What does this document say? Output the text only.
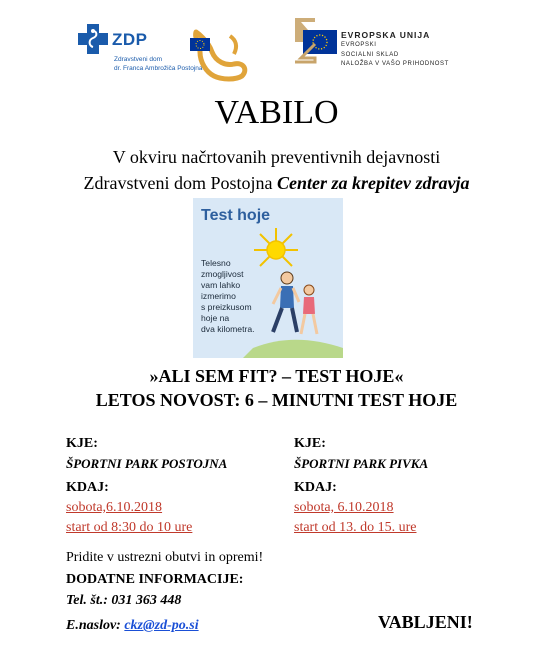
ZDP
Zdravstveni dom
dr. Franca Ambrožiča Postojna
EVROPSKA UNIJA
EVROPSKI
SOCIALNI SKLAD
NALOŽBA V VAŠO PRIHODNOST
VABILO
V okviru načrtovanih preventivnih dejavnosti
Zdravstveni dom Postojna Center za krepitev zdravja
Test hoje
Telesno
zmogljivost
vam lahko
izmerimo
s preizkusom
hoje na
dva kilometra.
»ALI SEM FIT? – TEST HOJE«
LETOS NOVOST: 6 – MINUTNI TEST HOJE
KJE:
ŠPORTNI PARK POSTOJNA
KDAJ:
sobota,6.10.2018
start od 8:30 do 10 ure
KJE:
ŠPORTNI PARK PIVKA
KDAJ:
sobota, 6.10.2018
start od 13. do 15. ure
Pridite v ustrezni obutvi in opremi!
DODATNE INFORMACIJE:
Tel. št.: 031 363 448
E.naslov: ckz@zd-po.si	VABLJENI!
